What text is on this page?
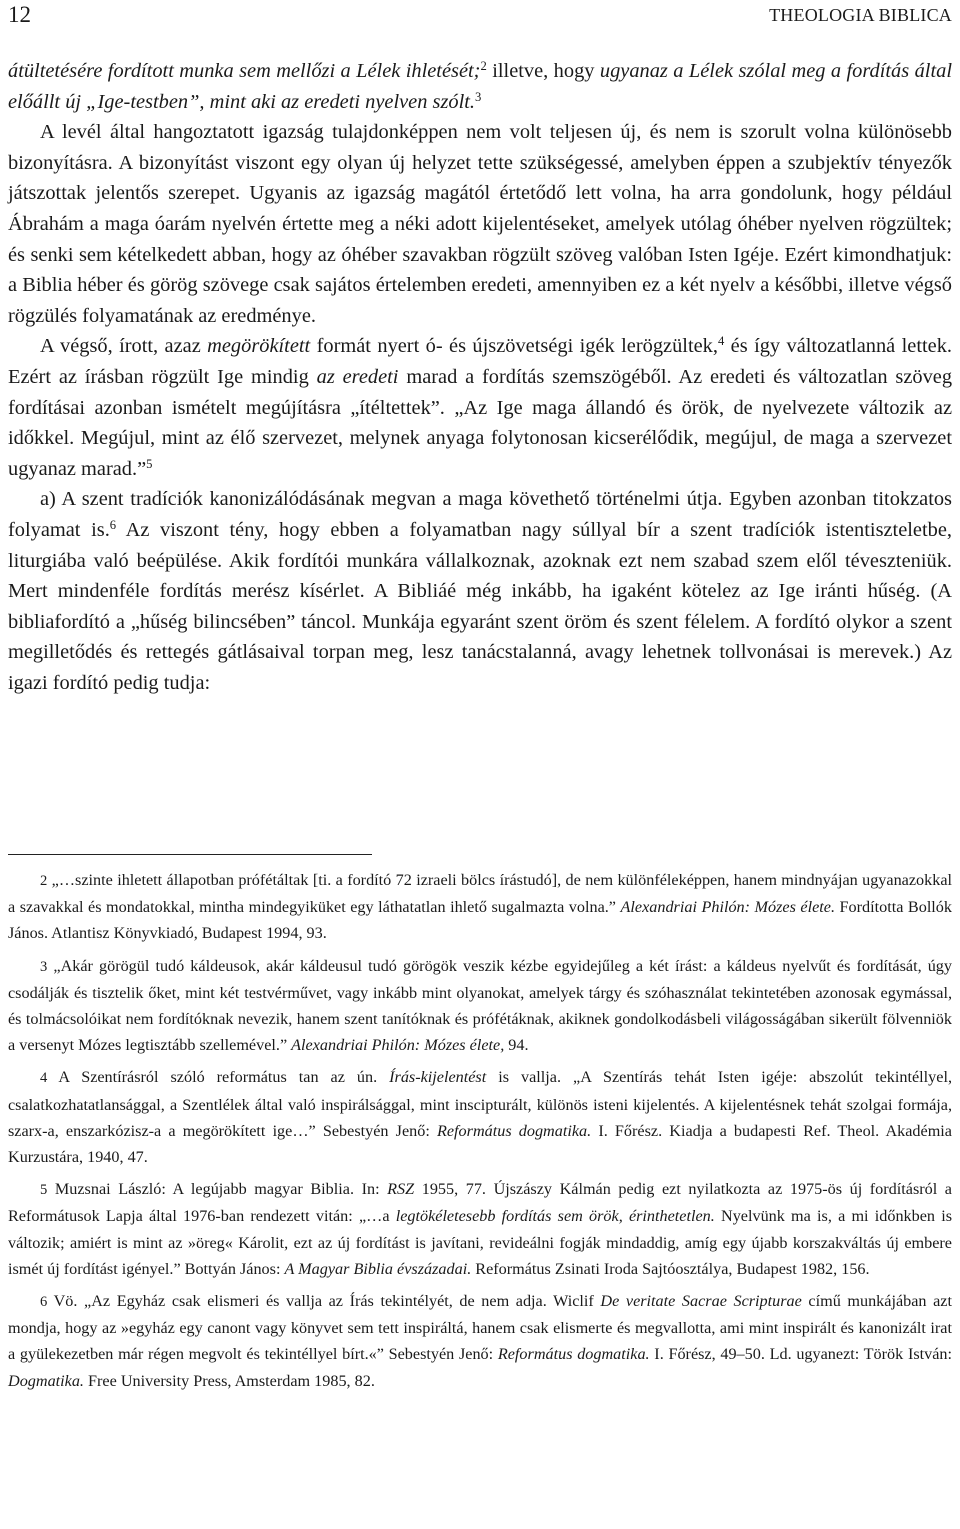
12	THEOLOGIA BIBLICA

átültetésére fordított munka sem mellőzi a Lélek ihletését;$^2$ illetve, hogy ugyanaz a Lélek szólal meg a fordítás által előállt új „Ige-testben”, mint aki az eredeti nyelven szólt.$^3$

A levél által hangoztatott igazság tulajdonképpen nem volt teljesen új, és nem is szorult volna különösebb bizonyításra. A bizonyítást viszont egy olyan új helyzet tette szükségessé, amelyben éppen a szubjektív tényezők játszottak jelentős szerepet. Ugyanis az igazság magától értetődő lett volna, ha arra gondolunk, hogy például Ábrahám a maga óarám nyelvén értette meg a néki adott kijelentéseket, amelyek utólag óhéber nyelven rögzültek; és senki sem kételkedett abban, hogy az óhéber szavakban rögzült szöveg valóban Isten Igéje. Ezért kimondhatjuk: a Biblia héber és görög szövege csak sajátos értelemben eredeti, amennyiben ez a két nyelv a későbbi, illetve végső rögzülés folyamatának az eredménye.

A végső, írott, azaz megörökített formát nyert ó- és újszövetségi igék lerögzültek,$^4$ és így változatlanná lettek. Ezért az írásban rögzült Ige mindig az eredeti marad a fordítás szemszögéből. Az eredeti és változatlan szöveg fordításai azonban ismételt megújításra „ítéltettek”. „Az Ige maga állandó és örök, de nyelvezete változik az időkkel. Megújul, mint az élő szervezet, melynek anyaga folytonosan kicserélődik, megújul, de maga a szervezet ugyanaz marad.”$^5$

a) A szent tradíciók kanonizálódásának megvan a maga követhető történelmi útja. Egyben azonban titokzatos folyamat is.$^6$ Az viszont tény, hogy ebben a folyamatban nagy súllyal bír a szent tradíciók istentiszteletbe, liturgiába való beépülése. Akik fordítói munkára vállalkoznak, azoknak ezt nem szabad szem elől téveszteniük. Mert mindenféle fordítás merész kísérlet. A Bibliáé még inkább, ha igaként kötelez az Ige iránti hűség. (A bibliafordító a „hűség bilincsében” táncol. Munkája egyaránt szent öröm és szent félelem. A fordító olykor a szent megilletődés és rettegés gátlásaival torpan meg, lesz tanácstalanná, avagy lehetnek tollvonásai is merevek.) Az igazi fordító pedig tudja:

2 „…szinte ihletett állapotban prófétáltak [ti. a fordító 72 izraeli bölcs írástudó], de nem különféleképpen, hanem mindnyájan ugyanazokkal a szavakkal és mondatokkal, mintha mindegyiküket egy láthatatlan ihlető sugalmazta volna.” Alexandriai Philón: Mózes élete. Fordította Bollók János. Atlantisz Könyvkiadó, Budapest 1994, 93.

3 „Akár görögül tudó káldeusok, akár káldeusul tudó görögök veszik kézbe egyidejűleg a két írást: a káldeus nyelvűt és fordítását, úgy csodálják és tisztelik őket, mint két testvérművet, vagy inkább mint olyanokat, amelyek tárgy és szóhasználat tekintetében azonosak egymással, és tolmácsolóikat nem fordítóknak nevezik, hanem szent tanítóknak és prófétáknak, akiknek gondolkodásbeli világosságában sikerült fölvenniök a versenyt Mózes legtisztább szellemével.” Alexandriai Philón: Mózes élete, 94.

4 A Szentírásról szóló református tan az ún. Írás-kijelentést is vallja. „A Szentírás tehát Isten igéje: abszolút tekintéllyel, csalatkozhatatlansággal, a Szentlélek által való inspirálsággal, mint inscipturált, különös isteni kijelentés. A kijelentésnek tehát szolgai formája, szarx-a, enszarkózisz-a a megörökített ige…” Sebestyén Jenő: Református dogmatika. I. Főrész. Kiadja a budapesti Ref. Theol. Akadémia Kurzustára, 1940, 47.

5 Muzsnai László: A legújabb magyar Biblia. In: RSZ 1955, 77. Újszászy Kálmán pedig ezt nyilatkozta az 1975-ös új fordításról a Reformátusok Lapja által 1976-ban rendezett vitán: „…a legtökéletesebb fordítás sem örök, érinthetetlen. Nyelvünk ma is, a mi időnkben is változik; amiért is mint az »öreg« Károlit, ezt az új fordítást is javítani, revideálni fogják mindaddig, amíg egy újabb korszakváltás új embere ismét új fordítást igényel.” Bottyán János: A Magyar Biblia évszázadai. Református Zsinati Iroda Sajtóosztálya, Budapest 1982, 156.

6 Vö. „Az Egyház csak elismeri és vallja az Írás tekintélyét, de nem adja. Wiclif De veritate Sacrae Scripturae című munkájában azt mondja, hogy az »egyház egy canont vagy könyvet sem tett inspiráltá, hanem csak elismerte és megvallotta, ami mint inspirált és kanonizált irat a gyülekezetben már régen megvolt és tekintéllyel bírt.«” Sebestyén Jenő: Református dogmatika. I. Főrész, 49–50. Ld. ugyanezt: Török István: Dogmatika. Free University Press, Amsterdam 1985, 82.
